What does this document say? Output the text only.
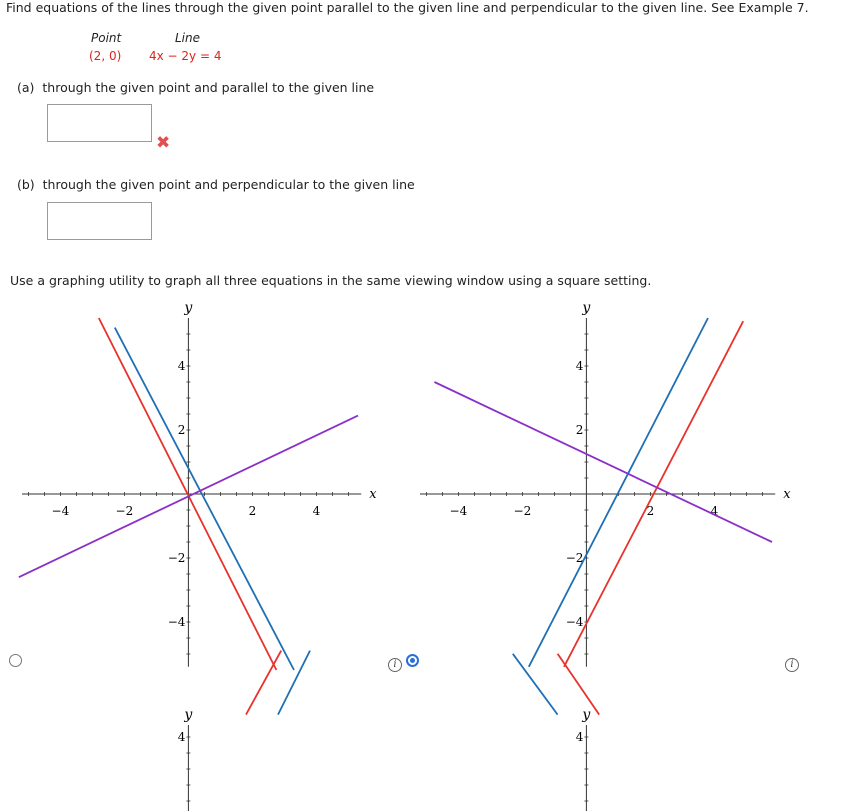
Find equations of the lines through the given point parallel to the given line and perpendicular to the given line. See Example 7.
Point	Line
(2, 0) 4x − 2y = 4
(a) through the given point and parallel to the given line
✖
(b) through the given point and perpendicular to the given line
Use a graphing utility to graph all three equations in the same viewing window using a square setting.
x
y
−4	−2	2	4
−4
−2
2
4
x
y
−4	−2	2	4
−4
−2
2
4
y
4
y
4
i	i
